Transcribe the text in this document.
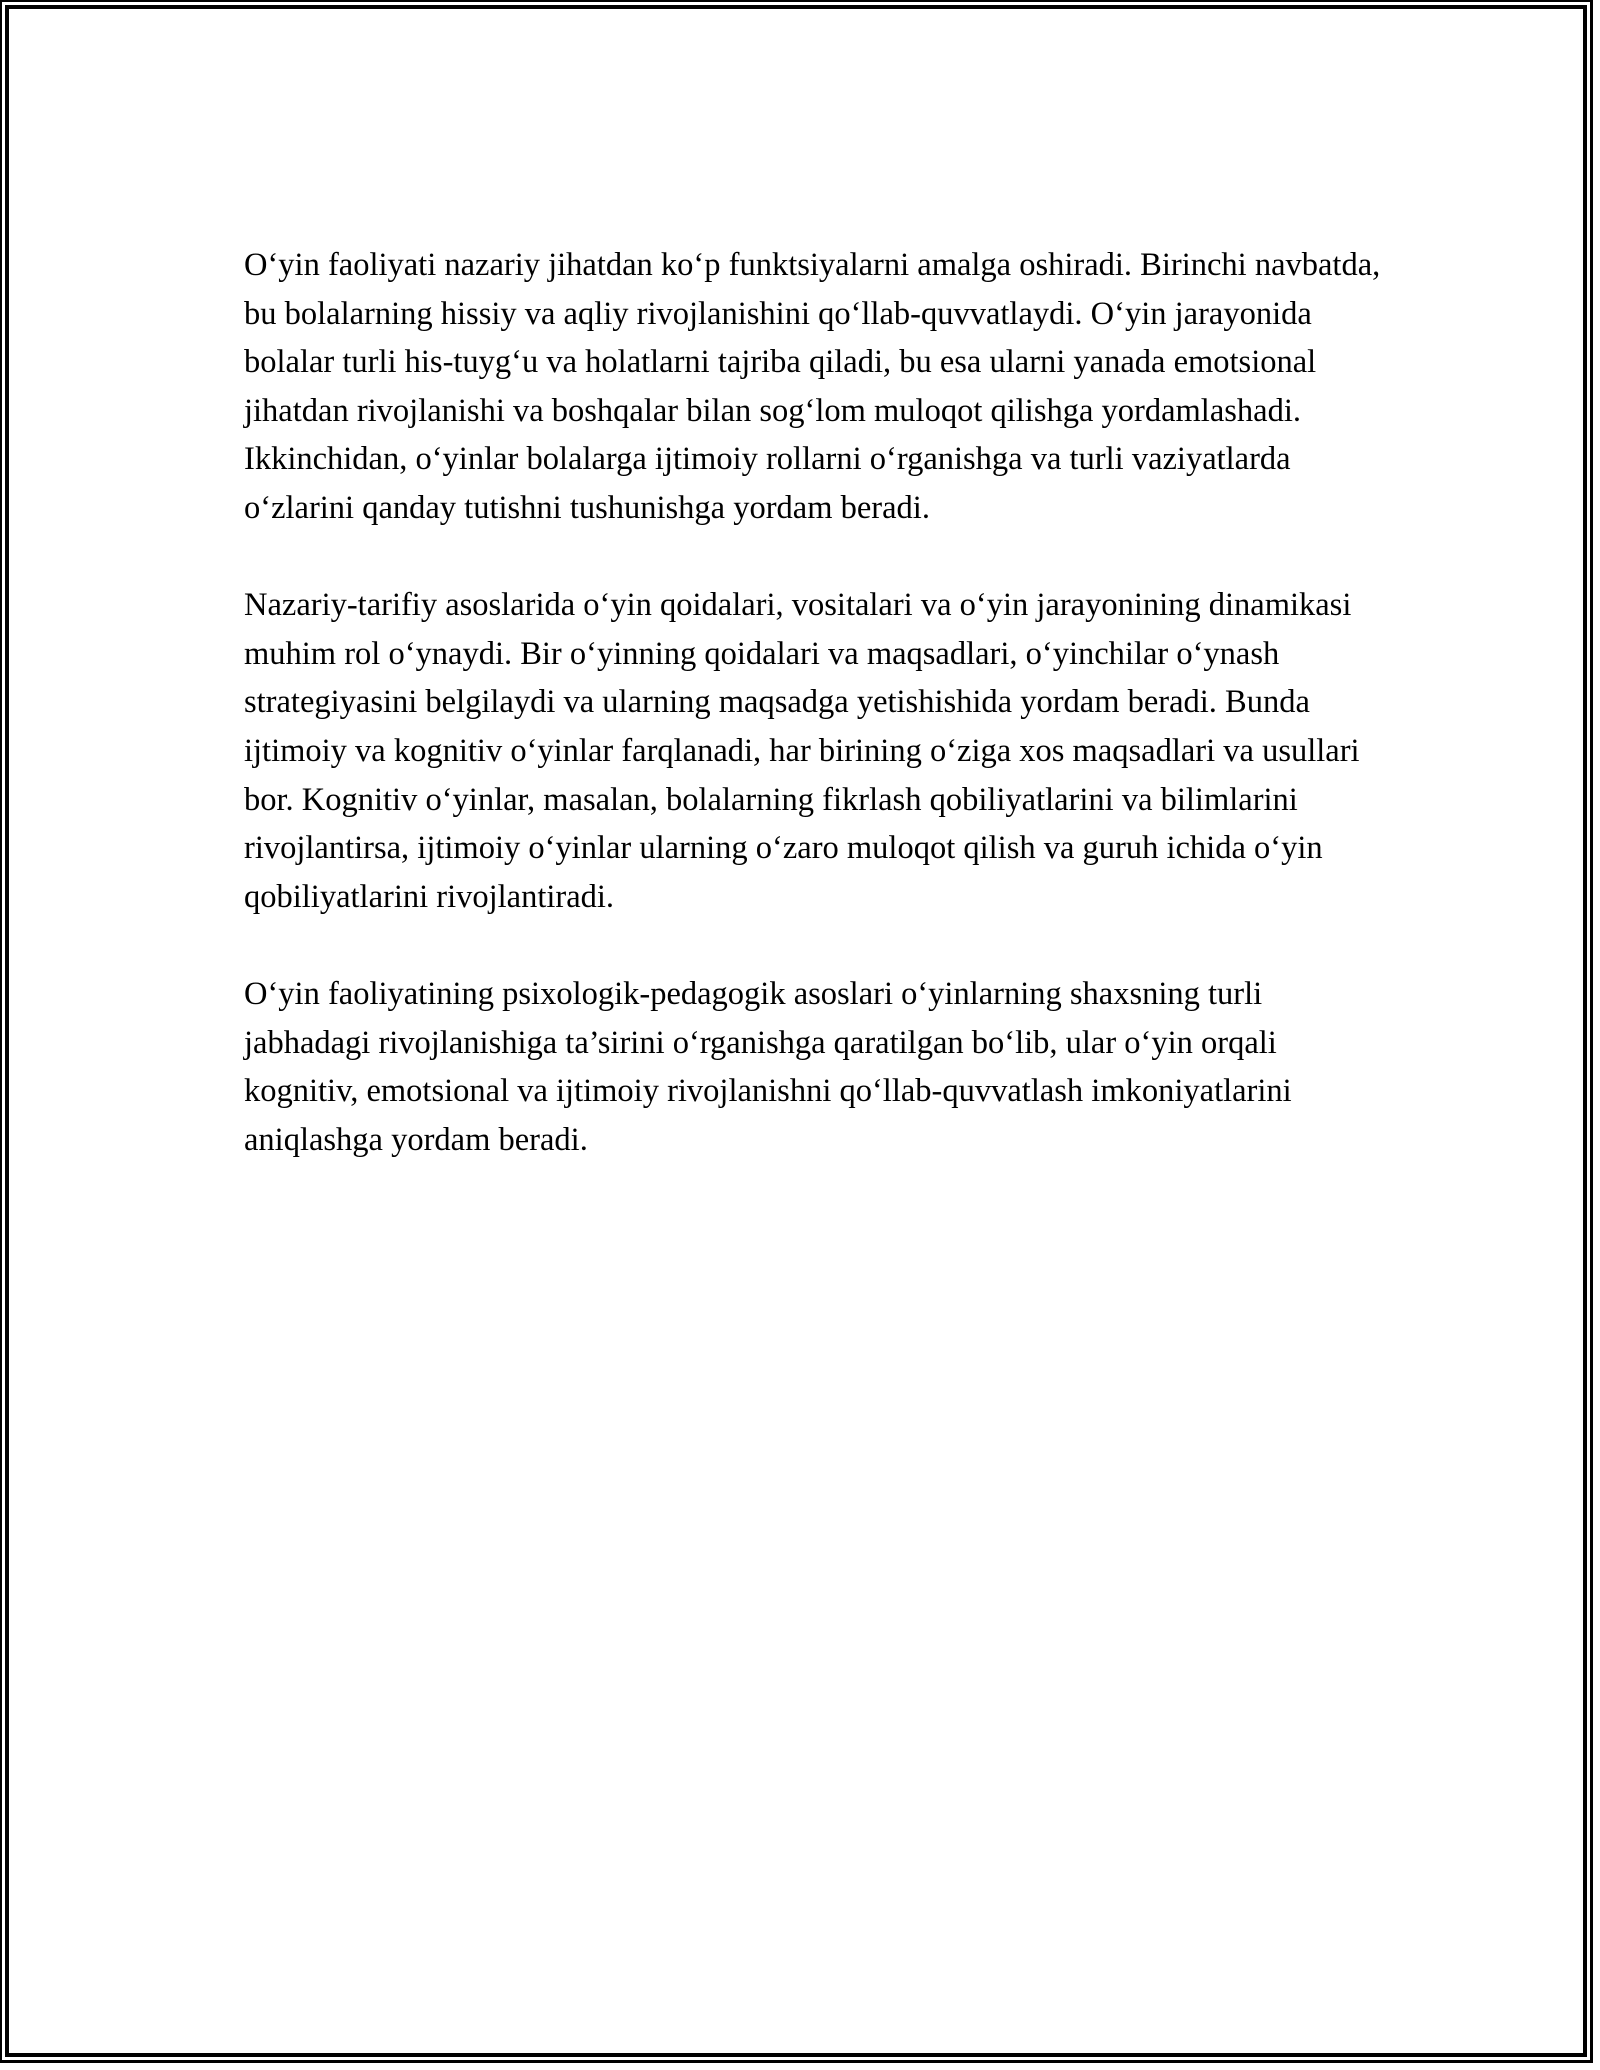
O‘yin faoliyati nazariy jihatdan ko‘p funktsiyalarni amalga oshiradi. Birinchi navbatda, bu bolalarning hissiy va aqliy rivojlanishini qo‘llab-quvvatlaydi. O‘yin jarayonida bolalar turli his-tuyg‘u va holatlarni tajriba qiladi, bu esa ularni yanada emotsional jihatdan rivojlanishi va boshqalar bilan sog‘lom muloqot qilishga yordamlashadi. Ikkinchidan, o‘yinlar bolalarga ijtimoiy rollarni o‘rganishga va turli vaziyatlarda o‘zlarini qanday tutishni tushunishga yordam beradi.

Nazariy-tarifiy asoslarida o‘yin qoidalari, vositalari va o‘yin jarayonining dinamikasi muhim rol o‘ynaydi. Bir o‘yinning qoidalari va maqsadlari, o‘yinchilar o‘ynash strategiyasini belgilaydi va ularning maqsadga yetishishida yordam beradi. Bunda ijtimoiy va kognitiv o‘yinlar farqlanadi, har birining o‘ziga xos maqsadlari va usullari bor. Kognitiv o‘yinlar, masalan, bolalarning fikrlash qobiliyatlarini va bilimlarini rivojlantirsa, ijtimoiy o‘yinlar ularning o‘zaro muloqot qilish va guruh ichida o‘yin qobiliyatlarini rivojlantiradi.

O‘yin faoliyatining psixologik-pedagogik asoslari o‘yinlarning shaxsning turli jabhadagi rivojlanishiga ta’sirini o‘rganishga qaratilgan bo‘lib, ular o‘yin orqali kognitiv, emotsional va ijtimoiy rivojlanishni qo‘llab-quvvatlash imkoniyatlarini aniqlashga yordam beradi.
